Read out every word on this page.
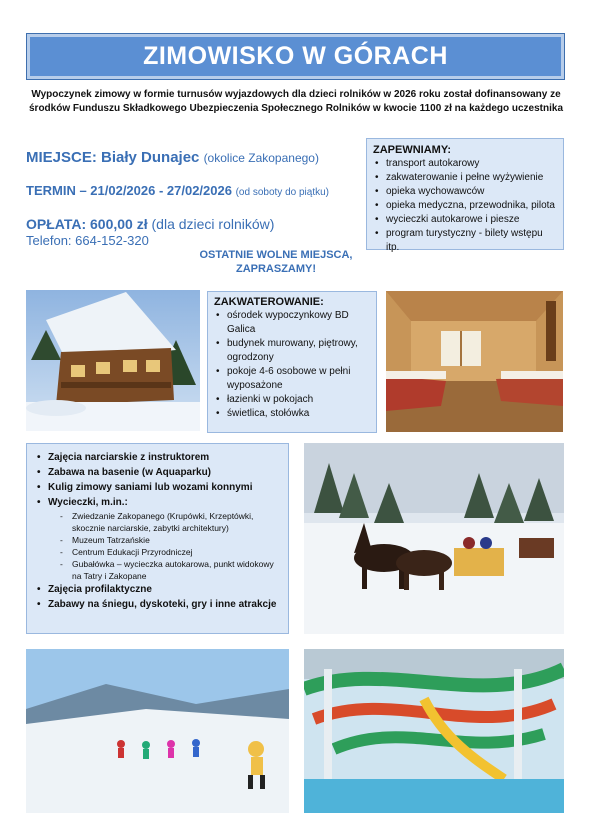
ZIMOWISKO W GÓRACH
Wypoczynek zimowy w formie turnusów wyjazdowych dla dzieci rolników w 2026 roku został dofinansowany ze środków Funduszu Składkowego Ubezpieczenia Społecznego Rolników w kwocie 1100 zł na każdego uczestnika
MIEJSCE: Biały Dunajec (okolice Zakopanego)
TERMIN – 21/02/2026 - 27/02/2026 (od soboty do piątku)
OPŁATA: 600,00 zł (dla dzieci rolników)
Telefon: 664-152-320
OSTATNIE WOLNE MIEJSCA, ZAPRASZAMY!
ZAPEWNIAMY:
• transport autokarowy
• zakwaterowanie i pełne wyżywienie
• opieka wychowawców
• opieka medyczna, przewodnika, pilota
• wycieczki autokarowe i piesze
• program turystyczny - bilety wstępu itp.
ZAKWATEROWANIE:
• ośrodek wypoczynkowy BD Galica
• budynek murowany, piętrowy, ogrodzony
• pokoje 4-6 osobowe w pełni wyposażone
• łazienki w pokojach
• świetlica, stołówka
• Zajęcia narciarskie z instruktorem
• Zabawa na basenie (w Aquaparku)
• Kulig zimowy saniami lub wozami konnymi
• Wycieczki, m.in.:
- Zwiedzanie Zakopanego (Krupówki, Krzeptówki, skocznie narciarskie, zabytki architektury)
- Muzeum Tatrzańskie
- Centrum Edukacji Przyrodniczej
- Gubałówka – wycieczka autokarowa, punkt widokowy na Tatry i Zakopane
• Zajęcia profilaktyczne
• Zabawy na śniegu, dyskoteki, gry i inne atrakcje
